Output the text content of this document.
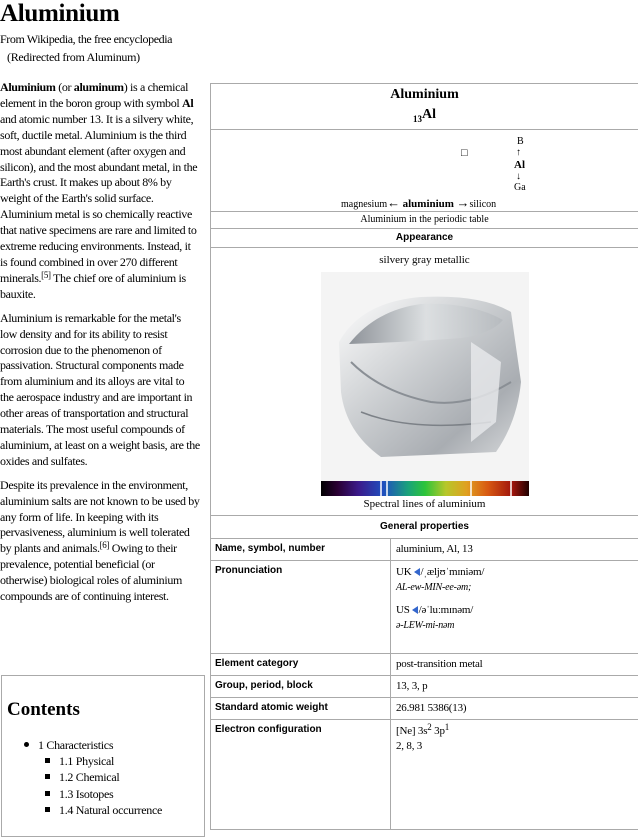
Aluminium
From Wikipedia, the free encyclopedia
(Redirected from Aluminum)

Aluminium (or aluminum) is a chemical element in the boron group with symbol Al and atomic number 13. It is a silvery white, soft, ductile metal. Aluminium is the third most abundant element (after oxygen and silicon), and the most abundant metal, in the Earth's crust. It makes up about 8% by weight of the Earth's solid surface. Aluminium metal is so chemically reactive that native specimens are rare and limited to extreme reducing environments. Instead, it is found combined in over 270 different minerals.[5] The chief ore of aluminium is bauxite.

Aluminium is remarkable for the metal's low density and for its ability to resist corrosion due to the phenomenon of passivation. Structural components made from aluminium and its alloys are vital to the aerospace industry and are important in other areas of transportation and structural materials. The most useful compounds of aluminium, at least on a weight basis, are the oxides and sulfates.

Despite its prevalence in the environment, aluminium salts are not known to be used by any form of life. In keeping with its pervasiveness, aluminium is well tolerated by plants and animals.[6] Owing to their prevalence, potential beneficial (or otherwise) biological roles of aluminium compounds are of continuing interest.

Contents
1 Characteristics
1.1 Physical
1.2 Chemical
1.3 Isotopes
1.4 Natural occurrence
Aluminium
$_{13}$Al
B
□	↑
Al
↓
Ga
magnesium← aluminium →silicon
Aluminium in the periodic table
Appearance
silvery gray metallic
Spectral lines of aluminium
General properties
Name, symbol, number	aluminium, Al, 13
Pronunciation	UK /ˌæljʊˈmɪniəm/
AL-ew-MIN-ee-əm;
US /əˈluːmɪnəm/
ə-LEW-mi-nəm
Element category	post-transition metal
Group, period, block	13, 3, p
Standard atomic weight	26.981 5386(13)
Electron configuration	[Ne] $3s^2$ $3p^1$
2, 8, 3
